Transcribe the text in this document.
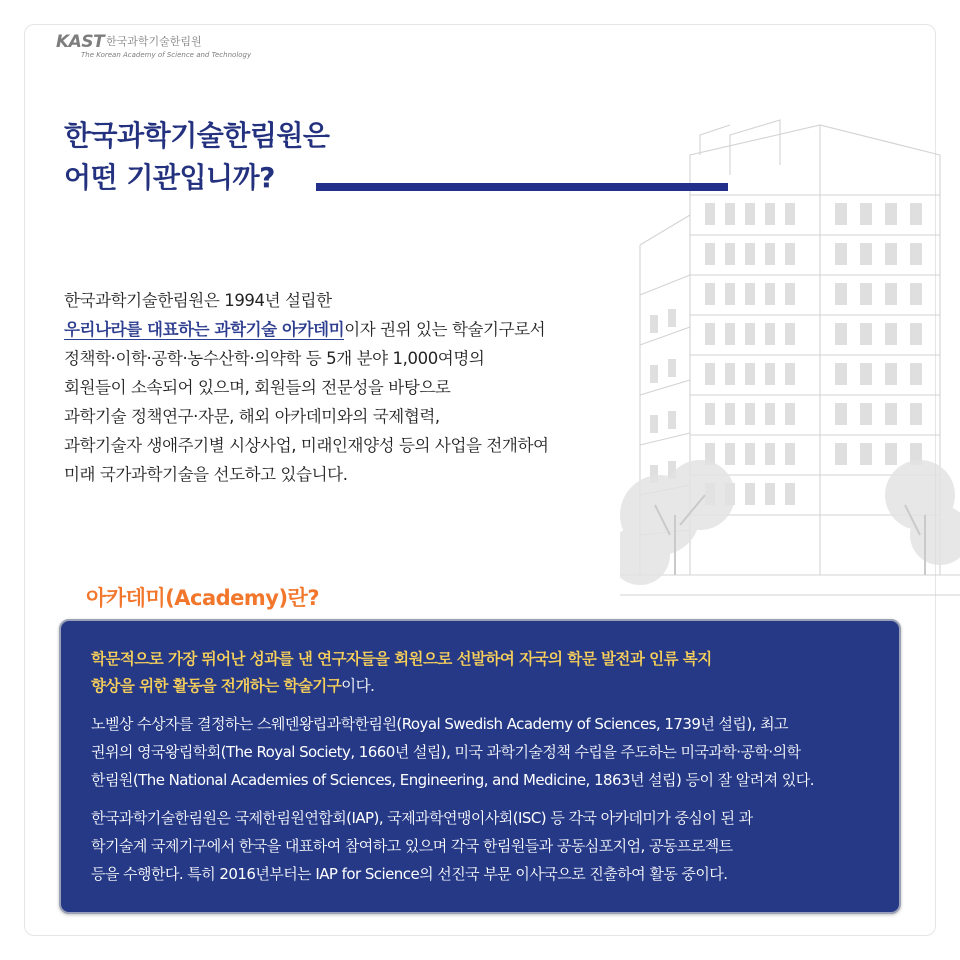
KAST 한국과학기술한림원
The Korean Academy of Science and Technology
한국과학기술한림원은
어떤 기관입니까?
한국과학기술한림원은 1994년 설립한
우리나라를 대표하는 과학기술 아카데미이자 권위 있는 학술기구로서
정책학·이학·공학·농수산학·의약학 등 5개 분야 1,000여명의
회원들이 소속되어 있으며, 회원들의 전문성을 바탕으로
과학기술 정책연구·자문, 해외 아카데미와의 국제협력,
과학기술자 생애주기별 시상사업, 미래인재양성 등의 사업을 전개하여
미래 국가과학기술을 선도하고 있습니다.
아카데미(Academy)란?

학문적으로 가장 뛰어난 성과를 낸 연구자들을 회원으로 선발하여 자국의 학문 발전과 인류 복지
향상을 위한 활동을 전개하는 학술기구이다.

노벨상 수상자를 결정하는 스웨덴왕립과학한림원(Royal Swedish Academy of Sciences, 1739년 설립), 최고
권위의 영국왕립학회(The Royal Society, 1660년 설립), 미국 과학기술정책 수립을 주도하는 미국과학·공학·의학
한림원(The National Academies of Sciences, Engineering, and Medicine, 1863년 설립) 등이 잘 알려져 있다.

한국과학기술한림원은 국제한림원연합회(IAP), 국제과학연맹이사회(ISC) 등 각국 아카데미가 중심이 된 과
학기술계 국제기구에서 한국을 대표하여 참여하고 있으며 각국 한림원들과 공동심포지엄, 공동프로젝트
등을 수행한다. 특히 2016년부터는 IAP for Science의 선진국 부문 이사국으로 진출하여 활동 중이다.
